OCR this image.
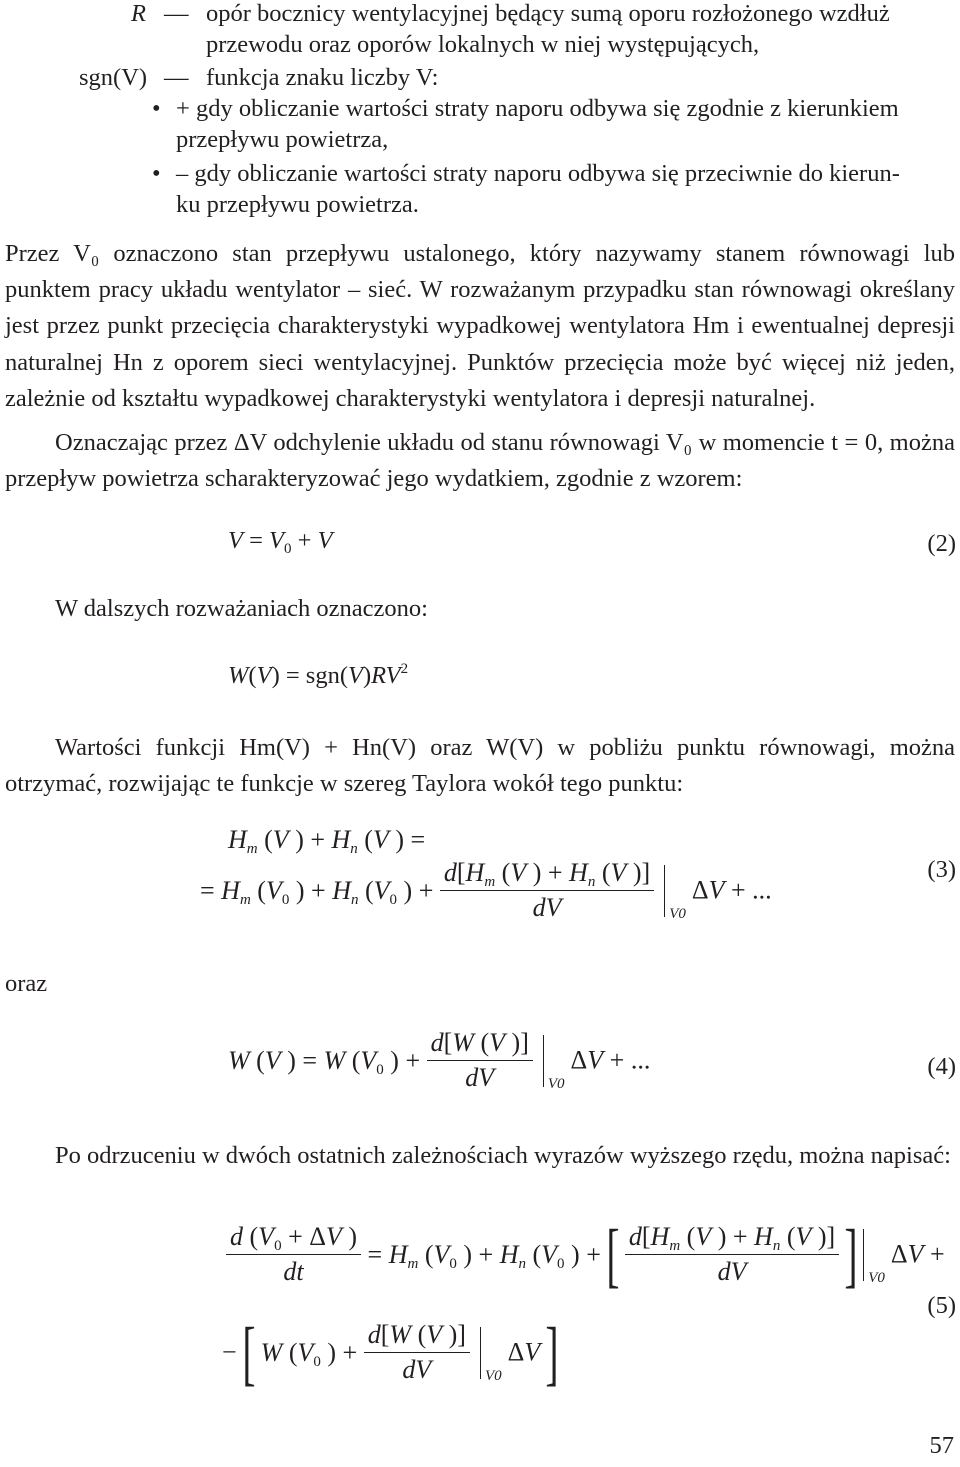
R — opór bocznicy wentylacyjnej będący sumą oporu rozłożonego wzdłuż
przewodu oraz oporów lokalnych w niej występujących,
sgn(V) — funkcja znaku liczby V:
• + gdy obliczanie wartości straty naporu odbywa się zgodnie z kierunkiem
przepływu powietrza,
• – gdy obliczanie wartości straty naporu odbywa się przeciwnie do kierun-
ku przepływu powietrza.
Przez V₀ oznaczono stan przepływu ustalonego, który nazywamy stanem równowagi lub punktem pracy układu wentylator – sieć. W rozważanym przypadku stan równowagi określany jest przez punkt przecięcia charakterystyki wypadkowej wentylatora Hm i ewentualnej depresji naturalnej Hn z oporem sieci wentylacyjnej. Punktów przecięcia może być więcej niż jeden, zależnie od kształtu wypadkowej charakterystyki wentylatora i depresji naturalnej.
Oznaczając przez ΔV odchylenie układu od stanu równowagi V₀ w momencie t = 0, można przepływ powietrza scharakteryzować jego wydatkiem, zgodnie z wzorem:
$V = V_0 + V$	(2)
W dalszych rozważaniach oznaczono:
$W(V) = sgn(V)RV^2$
Wartości funkcji Hm(V) + Hn(V) oraz W(V) w pobliżu punktu równowagi, można otrzymać, rozwijając te funkcje w szereg Taylora wokół tego punktu:
$H_m$ (V ) + $H_n$ (V ) =
= $H_m$ ($V_0$ ) + $H_n$ ($V_0$ ) + $\frac{d[H_m (V ) + H_n (V )]}{dV} _{V0}\Delta V$ + ...
(3)
oraz
W (V ) = W ($V_0$ ) + $\frac{d[W (V )]}{dV} _{V0}\Delta V$ + ...	(4)
Po odrzuceniu w dwóch ostatnich zależnościach wyrazów wyższego rzędu, można napisać:
$\frac{d (V_0 + \Delta V )}{dt} = H_m$ ($V_0$ ) + $H_n$ ($V_0$ ) +[ $\frac{d[H_m (V ) + H_n (V )]}{dV}$ ] $_{V0}$ΔV +
(5)
−[ W ($V_0$ ) + $\frac{d[W (V )]}{dV} _{V0}\Delta V$]
57
